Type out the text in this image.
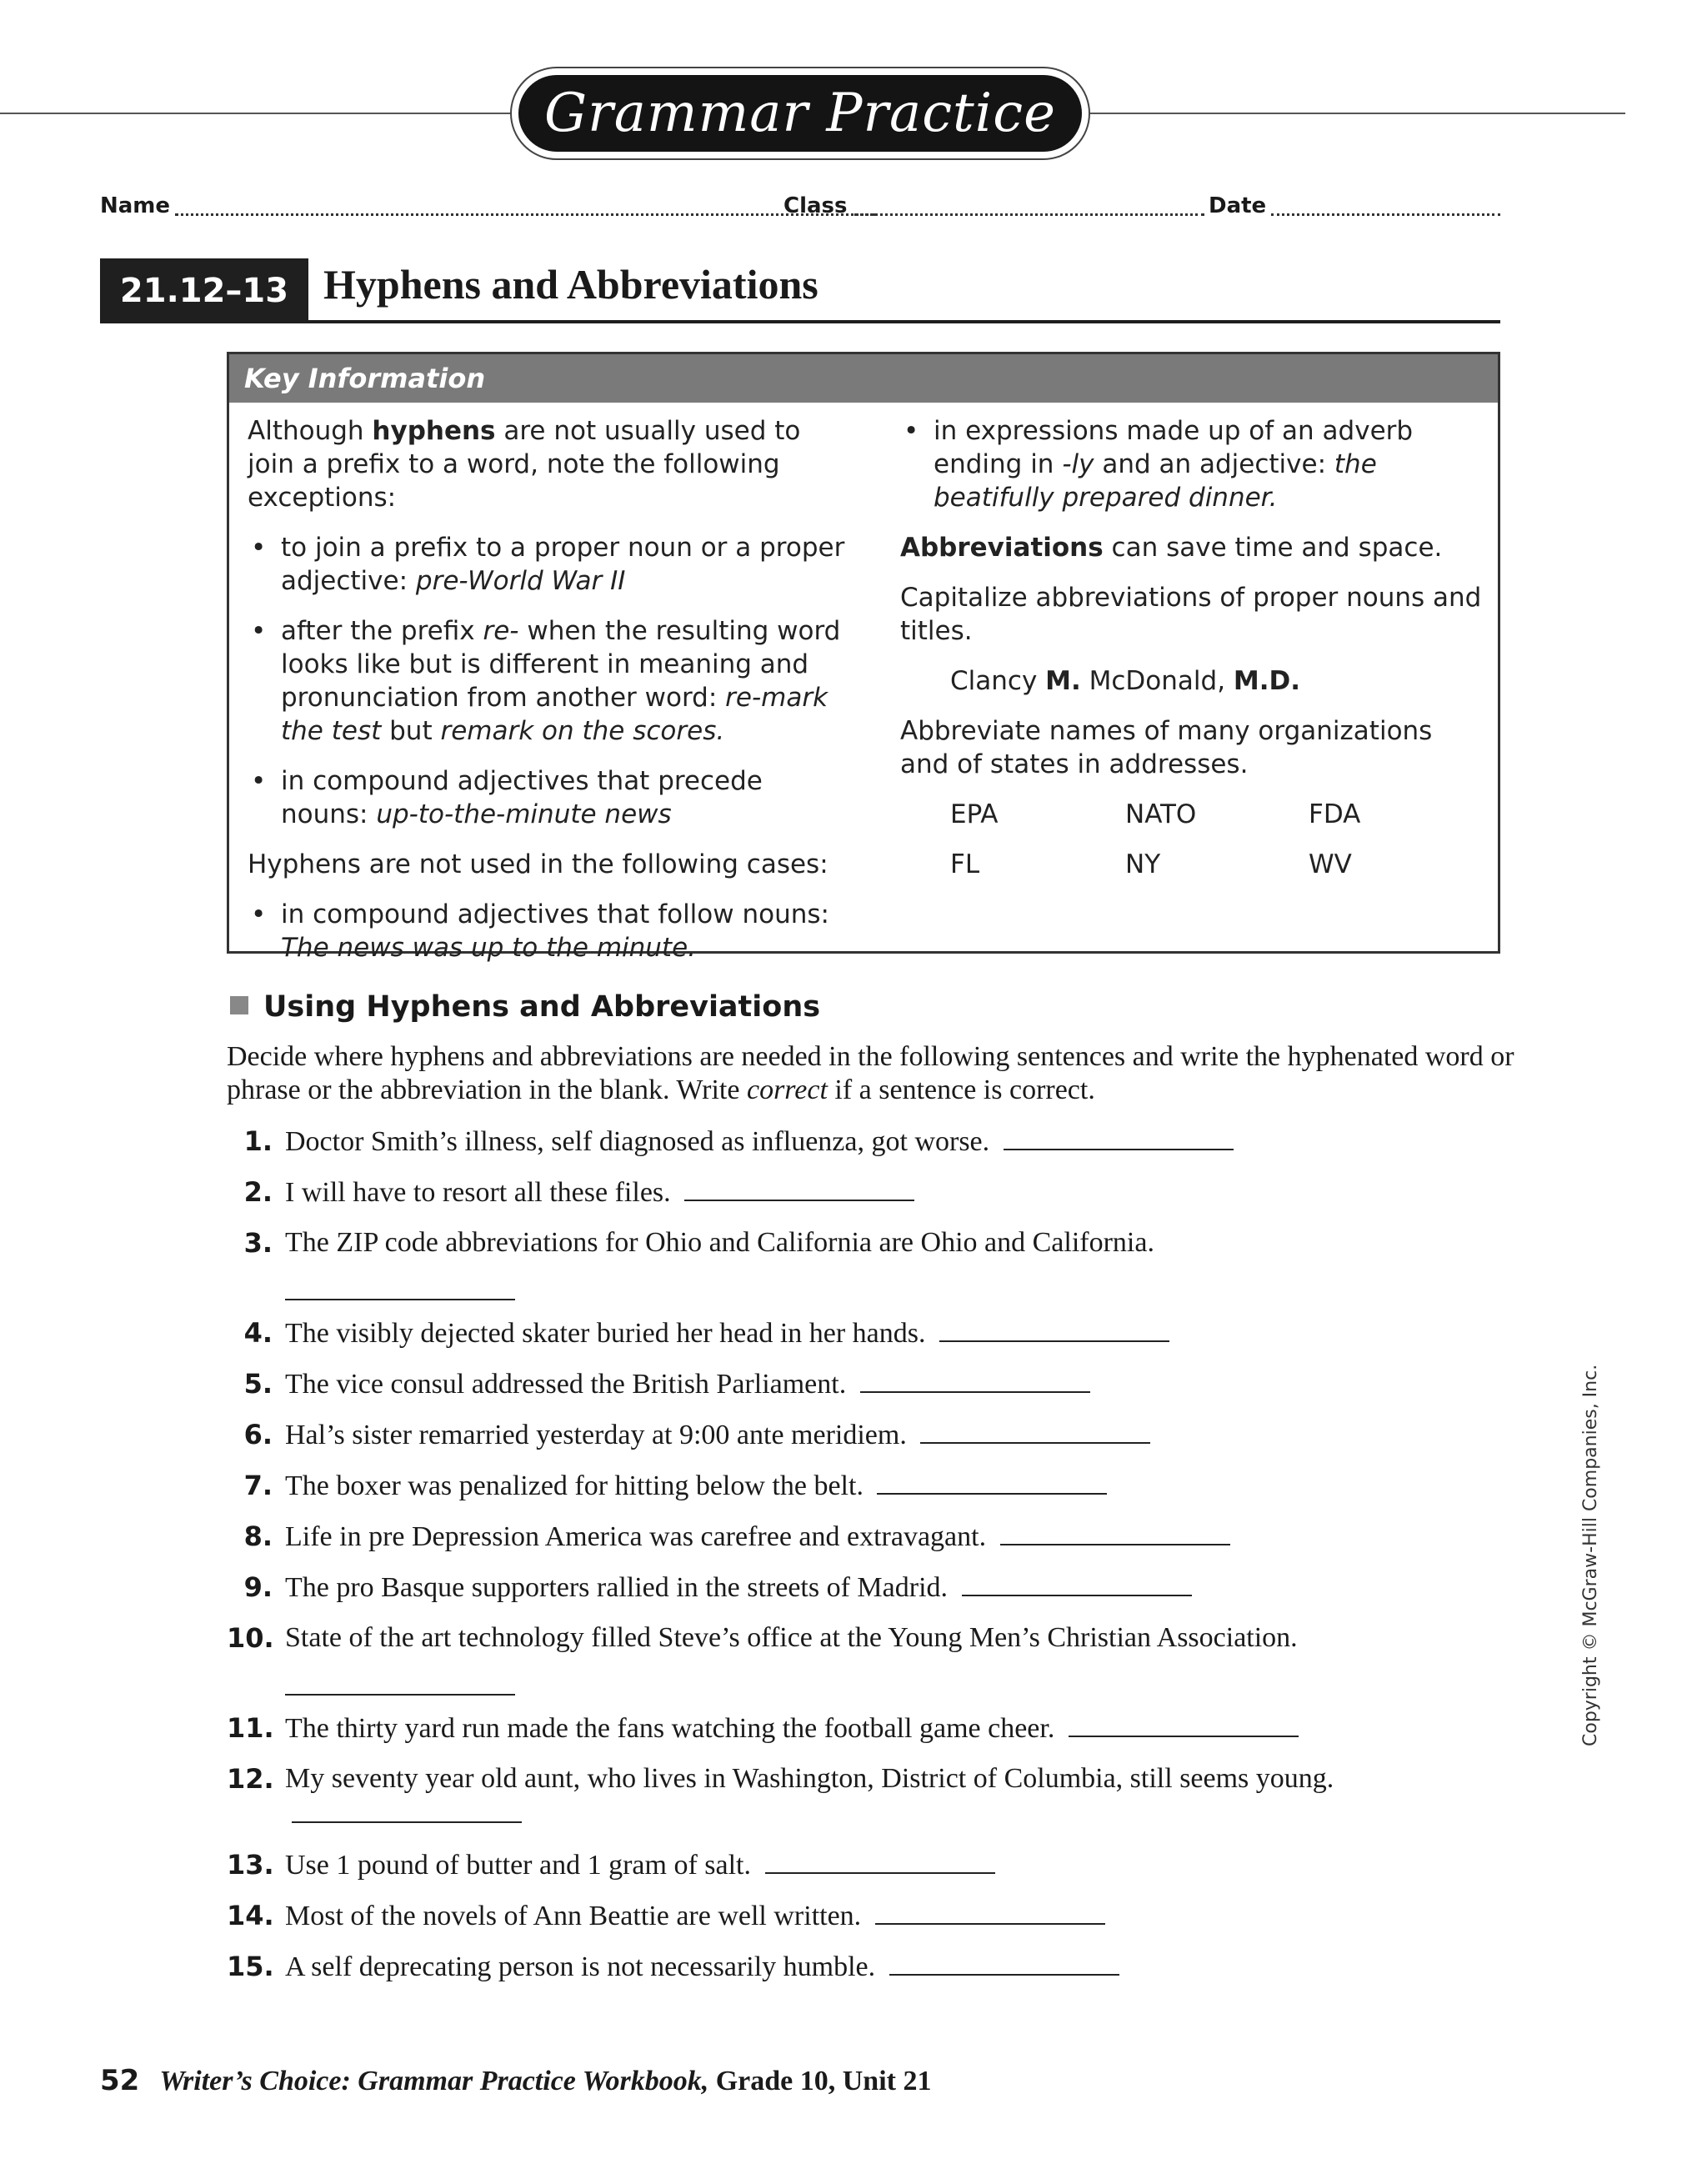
Grammar Practice
Name	Class	Date
21.12–13 Hyphens and Abbreviations
Key Information

Although hyphens are not usually used to join a prefix to a word, note the following exceptions:

• to join a prefix to a proper noun or a proper adjective: pre-World War II
• after the prefix re- when the resulting word looks like but is different in meaning and pronunciation from another word: re-mark the test but remark on the scores.
• in compound adjectives that precede nouns: up-to-the-minute news

Hyphens are not used in the following cases:

• in compound adjectives that follow nouns: The news was up to the minute.
• in expressions made up of an adverb ending in -ly and an adjective: the beatifully prepared dinner.

Abbreviations can save time and space.

Capitalize abbreviations of proper nouns and titles.

Clancy M. McDonald, M.D.

Abbreviate names of many organizations and of states in addresses.

EPA	NATO	FDA
FL	NY	WV
Using Hyphens and Abbreviations
Decide where hyphens and abbreviations are needed in the following sentences and write the hyphenated word or phrase or the abbreviation in the blank. Write correct if a sentence is correct.
1. Doctor Smith’s illness, self diagnosed as influenza, got worse.
2. I will have to resort all these files.
3. The ZIP code abbreviations for Ohio and California are Ohio and California.
4. The visibly dejected skater buried her head in her hands.
5. The vice consul addressed the British Parliament.
6. Hal’s sister remarried yesterday at 9:00 ante meridiem.
7. The boxer was penalized for hitting below the belt.
8. Life in pre Depression America was carefree and extravagant.
9. The pro Basque supporters rallied in the streets of Madrid.
10. State of the art technology filled Steve’s office at the Young Men’s Christian Association.
11. The thirty yard run made the fans watching the football game cheer.
12. My seventy year old aunt, who lives in Washington, District of Columbia, still seems young.
13. Use 1 pound of butter and 1 gram of salt.
14. Most of the novels of Ann Beattie are well written.
15. A self deprecating person is not necessarily humble.
52 Writer’s Choice: Grammar Practice Workbook, Grade 10, Unit 21
Copyright © McGraw-Hill Companies, Inc.
